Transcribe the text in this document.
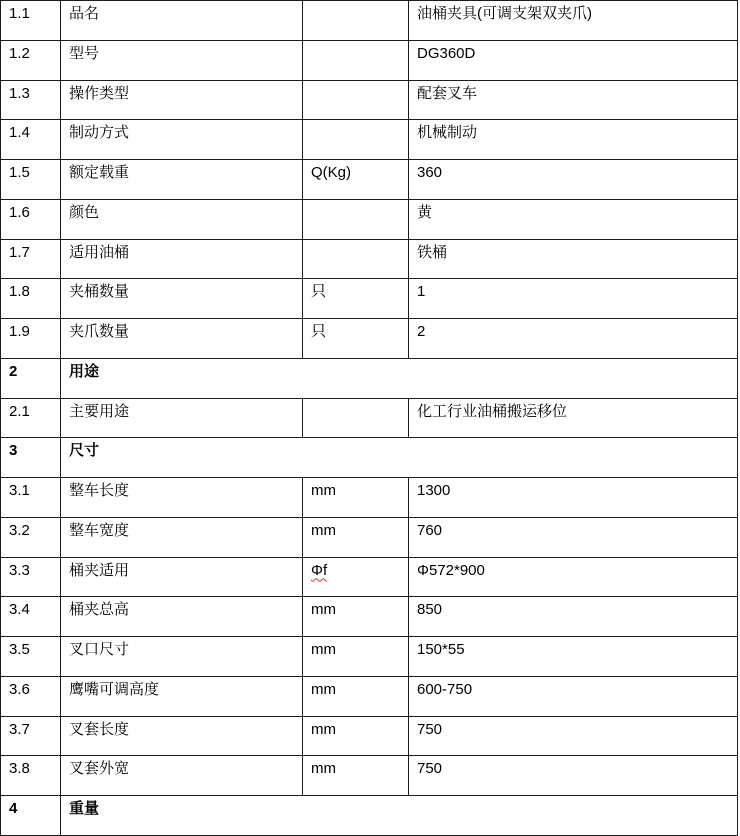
1.1	品名		油桶夹具(可调支架双夹爪)
1.2	型号		DG360D
1.3	操作类型		配套叉车
1.4	制动方式		机械制动
1.5	额定载重	Q(Kg)	360
1.6	颜色		黄
1.7	适用油桶		铁桶
1.8	夹桶数量	只	1
1.9	夹爪数量	只	2
2	用途		
2.1	主要用途		化工行业油桶搬运移位
3	尺寸		
3.1	整车长度	mm	1300
3.2	整车宽度	mm	760
3.3	桶夹适用	Φf	Φ572*900
3.4	桶夹总高	mm	850
3.5	叉口尺寸	mm	150*55
3.6	鹰嘴可调高度	mm	600-750
3.7	叉套长度	mm	750
3.8	叉套外宽	mm	750
4	重量		
